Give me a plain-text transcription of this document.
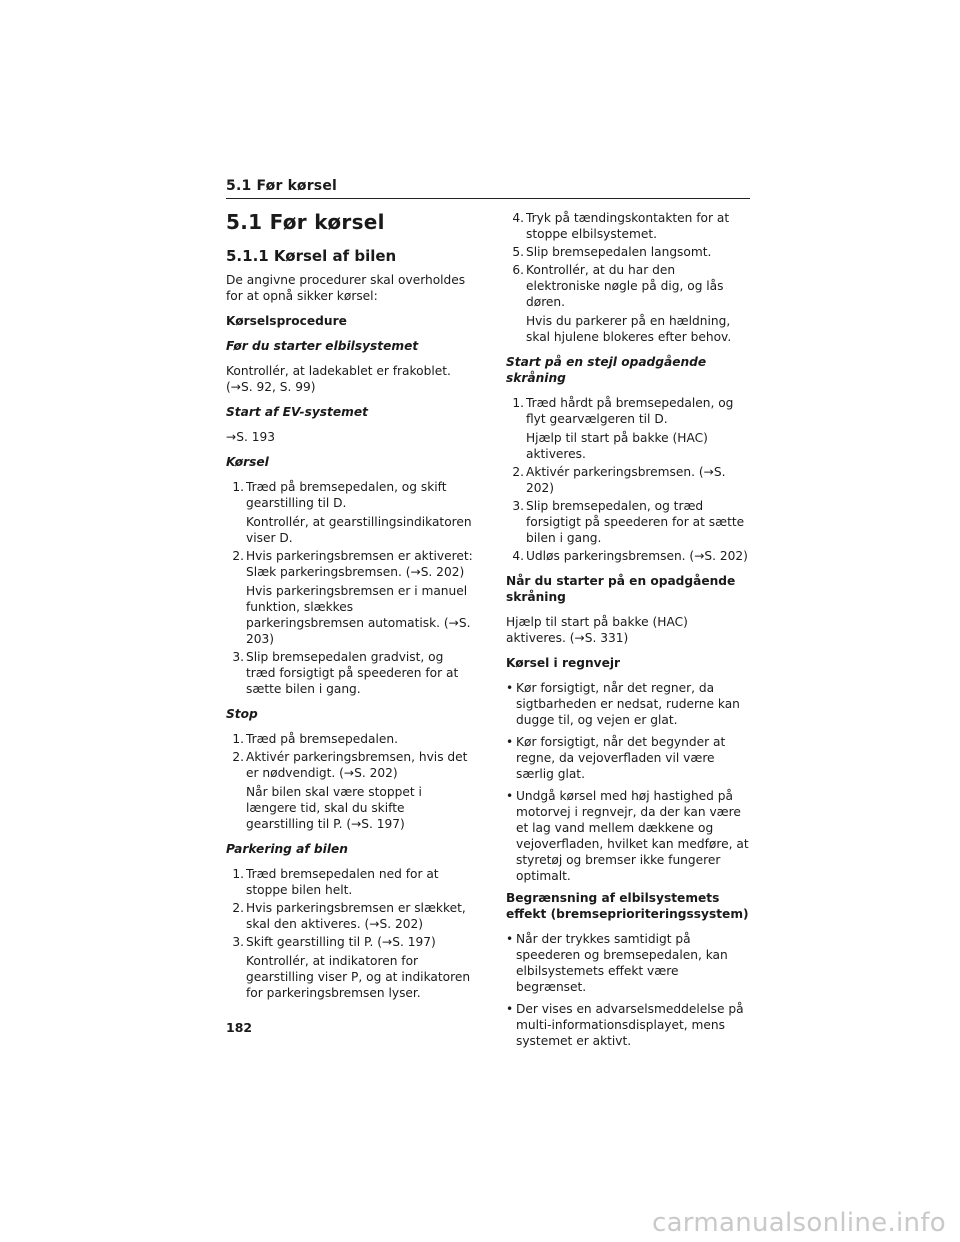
5.1 Før kørsel
5.1 Før kørsel
5.1.1 Kørsel af bilen
De angivne procedurer skal overholdes for at opnå sikker kørsel:
Kørselsprocedure
Før du starter elbilsystemet
Kontrollér, at ladekablet er frakoblet. (→S. 92, S. 99)
Start af EV-systemet
→S. 193
Kørsel
1. Træd på bremsepedalen, og skift gearstilling til D.
Kontrollér, at gearstillingsindikatoren viser D.
2. Hvis parkeringsbremsen er aktiveret: Slæk parkeringsbremsen. (→S. 202)
Hvis parkeringsbremsen er i manuel funktion, slækkes parkeringsbremsen automatisk. (→S. 203)
3. Slip bremsepedalen gradvist, og træd forsigtigt på speederen for at sætte bilen i gang.
Stop
1. Træd på bremsepedalen.
2. Aktivér parkeringsbremsen, hvis det er nødvendigt. (→S. 202)
Når bilen skal være stoppet i længere tid, skal du skifte gearstilling til P. (→S. 197)
Parkering af bilen
1. Træd bremsepedalen ned for at stoppe bilen helt.
2. Hvis parkeringsbremsen er slækket, skal den aktiveres. (→S. 202)
3. Skift gearstilling til P. (→S. 197)
Kontrollér, at indikatoren for gearstilling viser P, og at indikatoren for parkeringsbremsen lyser.
4. Tryk på tændingskontakten for at stoppe elbilsystemet.
5. Slip bremsepedalen langsomt.
6. Kontrollér, at du har den elektroniske nøgle på dig, og lås døren.
Hvis du parkerer på en hældning, skal hjulene blokeres efter behov.
Start på en stejl opadgående skråning
1. Træd hårdt på bremsepedalen, og flyt gearvælgeren til D.
Hjælp til start på bakke (HAC) aktiveres.
2. Aktivér parkeringsbremsen. (→S. 202)
3. Slip bremsepedalen, og træd forsigtigt på speederen for at sætte bilen i gang.
4. Udløs parkeringsbremsen. (→S. 202)
Når du starter på en opadgående skråning
Hjælp til start på bakke (HAC) aktiveres. (→S. 331)
Kørsel i regnvejr
• Kør forsigtigt, når det regner, da sigtbarheden er nedsat, ruderne kan dugge til, og vejen er glat.
• Kør forsigtigt, når det begynder at regne, da vejoverfladen vil være særlig glat.
• Undgå kørsel med høj hastighed på motorvej i regnvejr, da der kan være et lag vand mellem dækkene og vejoverfladen, hvilket kan medføre, at styretøj og bremser ikke fungerer optimalt.
Begrænsning af elbilsystemets effekt (bremseprioriteringssystem)
• Når der trykkes samtidigt på speederen og bremsepedalen, kan elbilsystemets effekt være begrænset.
• Der vises en advarselsmeddelelse på multi-informationsdisplayet, mens systemet er aktivt.
182
carmanualsonline.info
